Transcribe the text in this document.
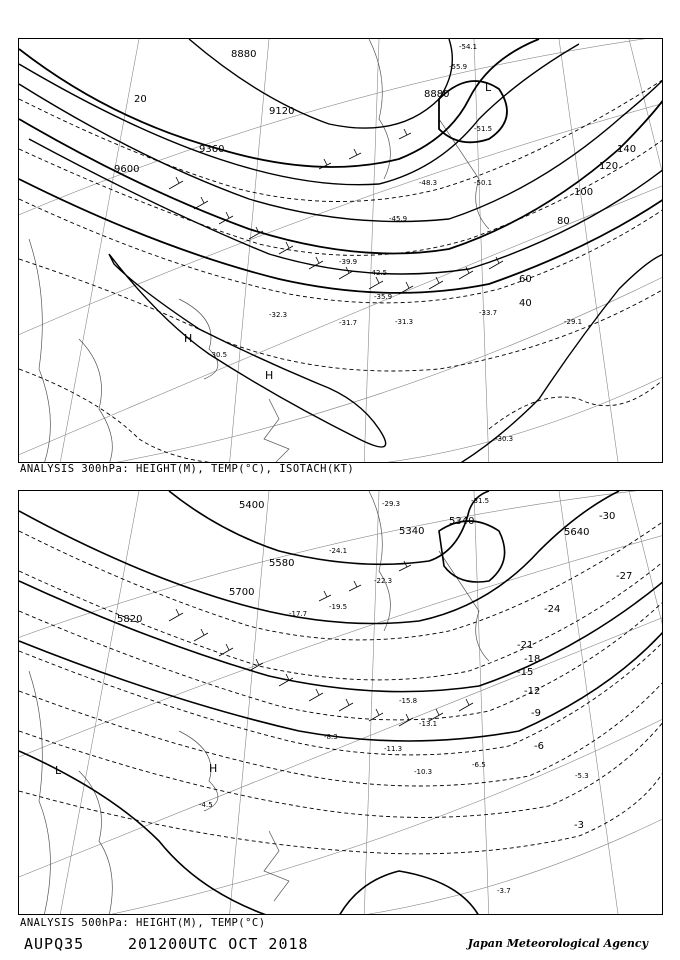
8880
9120
9360
9600
8880
20
40
60
80
100
120
140
L
H
H
-54.1
-55.9
-51.5
-50.1
-48.3
-45.9
-42.5
-39.9
-35.9
-33.7
-31.3
-31.7
-32.3
-30.5
-29.1
-30.3
ANALYSIS 300hPa: HEIGHT(M), TEMP(°C), ISOTACH(KT)
5400
5340
5580
5700
5820
5340	5640
-30
-27
-24
-21
-18
-15
-12
-9
-6
-3
L	H
-31.5
-29.3
-24.1
-22.3
-19.5
-17.7
-15.8
-13.1
-11.3
-10.3
-8.3
-6.5
-5.3
-4.5
-3.7
ANALYSIS 500hPa: HEIGHT(M), TEMP(°C)
AUPQ35	201200UTC OCT 2018	Japan Meteorological Agency
